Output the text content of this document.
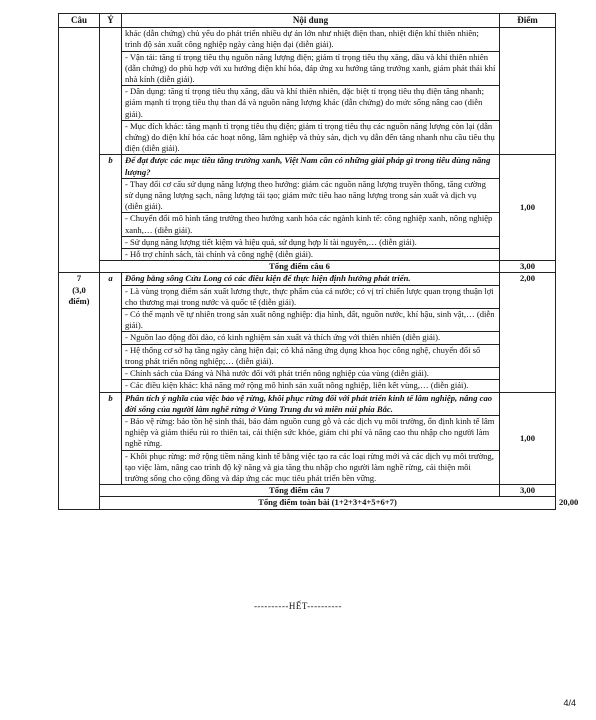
Câu	Ý	Nội dung	Điểm	
		khác (dẫn chứng) chủ yếu do phát triển nhiều dự án lớn như nhiệt điện than, nhiệt điện khí thiên nhiên; trình độ sản xuất công nghiệp ngày càng hiện đại (diễn giải).		
		- Vận tải: tăng tỉ trọng tiêu thụ nguồn năng lượng điện; giảm tỉ trọng tiêu thụ xăng, dầu và khí thiên nhiên (dẫn chứng) do phù hợp với xu hướng điện khí hóa, đáp ứng xu hướng tăng trưởng xanh, giảm phát thải khí nhà kính (diễn giải).		
		- Dân dụng: tăng tỉ trọng tiêu thụ xăng, dầu và khí thiên nhiên, đặc biệt tỉ trọng tiêu thụ điện tăng nhanh; giảm mạnh tỉ trọng tiêu thụ than đá và nguồn năng lượng khác (dẫn chứng) do mức sống nâng cao (diễn giải).		
		- Mục đích khác: tăng mạnh tỉ trọng tiêu thụ điện; giảm tỉ trọng tiêu thụ các nguồn năng lượng còn lại (dẫn chứng) do điện khí hóa các hoạt nông, lâm nghiệp và thủy sản, dịch vụ dẫn đến tăng nhanh nhu cầu tiêu thụ điện (diễn giải).		
	b	Để đạt được các mục tiêu tăng trưởng xanh, Việt Nam cần có những giải pháp gì trong tiêu dùng năng lượng?	1,00	
		- Thay đổi cơ cấu sử dụng năng lượng theo hướng: giảm các nguồn năng lượng truyền thống, tăng cường sử dụng năng lượng sạch, năng lượng tái tạo; giảm mức tiêu hao năng lượng trong sản xuất và dịch vụ (diễn giải).		
		- Chuyển đổi mô hình tăng trưởng theo hướng xanh hóa các ngành kinh tế: công nghiệp xanh, nông nghiệp xanh,… (diễn giải).		
		- Sử dụng năng lượng tiết kiệm và hiệu quả, sử dụng hợp lí tài nguyên,… (diễn giải).		
		- Hỗ trợ chính sách, tài chính và công nghệ (diễn giải).		
	Tổng điểm câu 6		3,00	

7
(3,0 điểm)	a	Đồng bằng sông Cửu Long có các điều kiện để thực hiện định hướng phát triển.	2,00	
		- Là vùng trọng điểm sản xuất lương thực, thực phẩm của cả nước; có vị trí chiến lược quan trọng thuận lợi cho thương mại trong nước và quốc tế (diễn giải).		
		- Có thế mạnh về tự nhiên trong sản xuất nông nghiệp: địa hình, đất, nguồn nước, khí hậu, sinh vật,… (diễn giải).		
		- Nguồn lao động đồi dào, có kinh nghiệm sản xuất và thích ứng với thiên nhiên (diễn giải).		
		- Hệ thống cơ sở hạ tầng ngày càng hiện đại; có khả năng ứng dụng khoa học công nghệ, chuyển đổi số trong phát triển nông nghiệp;… (diễn giải).		
		- Chính sách của Đảng và Nhà nước đối với phát triển nông nghiệp của vùng (diễn giải).		
		- Các điều kiện khác: khả năng mở rộng mô hình sản xuất nông nghiệp, liên kết vùng,… (diễn giải).		
	b	Phân tích ý nghĩa của việc bảo vệ rừng, khôi phục rừng đối với phát triển kinh tế lâm nghiệp, nâng cao đời sống của người làm nghề rừng ở Vùng Trung du và miền núi phía Bắc.	1,00	
		- Bảo vệ rừng: bảo tồn hệ sinh thái, bảo đảm nguồn cung gỗ và các dịch vụ môi trường, ổn định kinh tế lâm nghiệp và giảm thiểu rủi ro thiên tai, cải thiện sức khỏe, giảm chi phí và nâng cao thu nhập cho người làm nghề rừng.		
		- Khôi phục rừng: mở rộng tiềm năng kinh tế bằng việc tạo ra các loại rừng mới và các dịch vụ môi trường, tạo việc làm, nâng cao trình độ kỹ năng và gia tăng thu nhập cho người làm nghề rừng, cải thiện môi trường sống cho cộng đồng và đáp ứng các mục tiêu phát triển bền vững.		
	Tổng điểm câu 7		3,00	
	Tổng điểm toàn bài (1+2+3+4+5+6+7)			20,00
----------HẾT----------
4/4
